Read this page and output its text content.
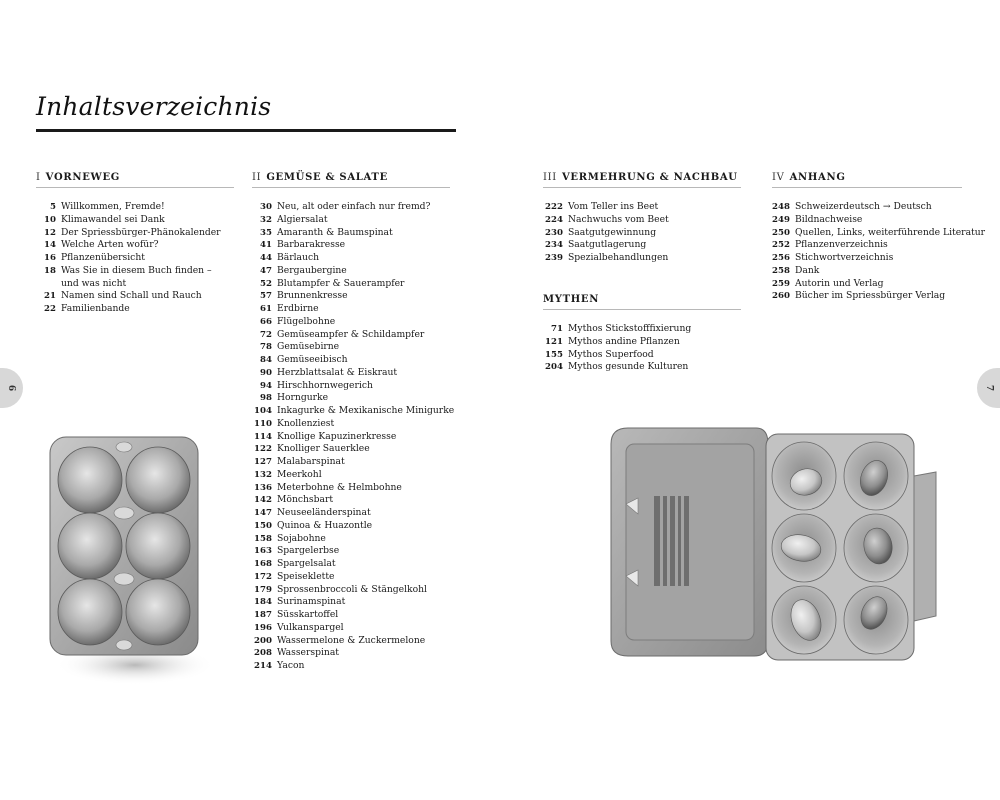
Inhaltsverzeichnis
6	7
I VORNEWEG
5 Willkommen, Fremde!
10 Klimawandel sei Dank
12 Der Spriessbürger-Phänokalender
14 Welche Arten wofür?
16 Pflanzenübersicht
18 Was Sie in diesem Buch finden –
und was nicht
21 Namen sind Schall und Rauch
22 Familienbande
II GEMÜSE & SALATE
30 Neu, alt oder einfach nur fremd?
32 Algiersalat
35 Amaranth & Baumspinat
41 Barbarakresse
44 Bärlauch
47 Bergaubergine
52 Blutampfer & Sauerampfer
57 Brunnenkresse
61 Erdbirne
66 Flügelbohne
72 Gemüseampfer & Schildampfer
78 Gemüsebirne
84 Gemüseeibisch
90 Herzblattsalat & Eiskraut
94 Hirschhornwegerich
98 Horngurke
104 Inkagurke & Mexikanische Minigurke
110 Knollenziest
114 Knollige Kapuzinerkresse
122 Knolliger Sauerklee
127 Malabarspinat
132 Meerkohl
136 Meterbohne & Helmbohne
142 Mönchsbart
147 Neuseeländerspinat
150 Quinoa & Huazontle
158 Sojabohne
163 Spargelerbse
168 Spargelsalat
172 Speiseklette
179 Sprossenbroccoli & Stängelkohl
184 Surinamspinat
187 Süsskartoffel
196 Vulkanspargel
200 Wassermelone & Zuckermelone
208 Wasserspinat
214 Yacon
III VERMEHRUNG & NACHBAU
222 Vom Teller ins Beet
224 Nachwuchs vom Beet
230 Saatgutgewinnung
234 Saatgutlagerung
239 Spezialbehandlungen
MYTHEN
71 Mythos Stickstofffixierung
121 Mythos andine Pflanzen
155 Mythos Superfood
204 Mythos gesunde Kulturen
IV ANHANG
248 Schweizerdeutsch → Deutsch
249 Bildnachweise
250 Quellen, Links, weiterführende Literatur
252 Pflanzenverzeichnis
256 Stichwortverzeichnis
258 Dank
259 Autorin und Verlag
260 Bücher im Spriessbürger Verlag
